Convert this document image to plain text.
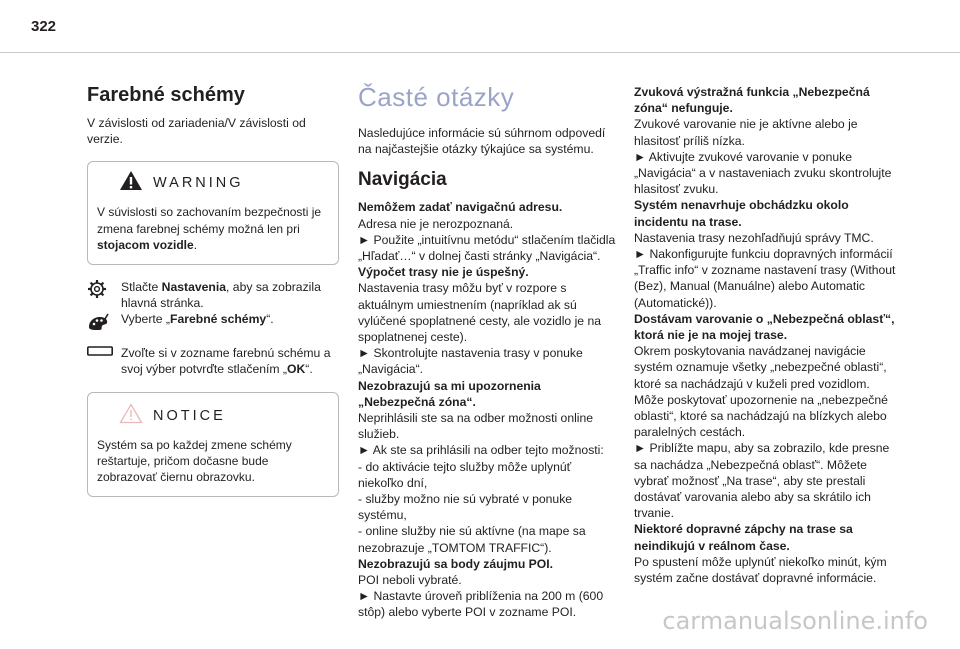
322
Farebné schémy
V závislosti od zariadenia/V závislosti od verzie.
WARNING
V súvislosti so zachovaním bezpečnosti je zmena farebnej schémy možná len pri stojacom vozidle.
Stlačte Nastavenia, aby sa zobrazila hlavná stránka.
Vyberte „Farebné schémy“.
Zvoľte si v zozname farebnú schému a svoj výber potvrďte stlačením „OK“.
NOTICE
Systém sa po každej zmene schémy reštartuje, pričom dočasne bude zobrazovať čiernu obrazovku.
Časté otázky
Nasledujúce informácie sú súhrnom odpovedí na najčastejšie otázky týkajúce sa systému.
Navigácia
Nemôžem zadať navigačnú adresu.
Adresa nie je nerozpoznaná.
► Použite „intuitívnu metódu“ stlačením tlačidla „Hľadať…“ v dolnej časti stránky „Navigácia“.
Výpočet trasy nie je úspešný.
Nastavenia trasy môžu byť v rozpore s aktuálnym umiestnením (napríklad ak sú vylúčené spoplatnené cesty, ale vozidlo je na spoplatnenej ceste).
► Skontrolujte nastavenia trasy v ponuke „Navigácia“.
Nezobrazujú sa mi upozornenia „Nebezpečná zóna“.
Neprihlásili ste sa na odber možnosti online služieb.
► Ak ste sa prihlásili na odber tejto možnosti:
- do aktivácie tejto služby môže uplynúť niekoľko dní,
- služby možno nie sú vybraté v ponuke systému,
- online služby nie sú aktívne (na mape sa nezobrazuje „TOMTOM TRAFFIC“).
Nezobrazujú sa body záujmu POI.
POI neboli vybraté.
► Nastavte úroveň priblíženia na 200 m (600 stôp) alebo vyberte POI v zozname POI.
Zvuková výstražná funkcia „Nebezpečná zóna“ nefunguje.
Zvukové varovanie nie je aktívne alebo je hlasitosť príliš nízka.
► Aktivujte zvukové varovanie v ponuke „Navigácia“ a v nastaveniach zvuku skontrolujte hlasitosť zvuku.
Systém nenavrhuje obchádzku okolo incidentu na trase.
Nastavenia trasy nezohľadňujú správy TMC.
► Nakonfigurujte funkciu dopravných informácií „Traffic info“ v zozname nastavení trasy (Without (Bez), Manual (Manuálne) alebo Automatic (Automatické)).
Dostávam varovanie o „Nebezpečná oblasť“, ktorá nie je na mojej trase.
Okrem poskytovania navádzanej navigácie systém oznamuje všetky „nebezpečné oblasti“, ktoré sa nachádzajú v kuželi pred vozidlom. Môže poskytovať upozornenie na „nebezpečné oblasti“, ktoré sa nachádzajú na blízkych alebo paralelných cestách.
► Priblížte mapu, aby sa zobrazilo, kde presne sa nachádza „Nebezpečná oblasť“. Môžete vybrať možnosť „Na trase“, aby ste prestali dostávať varovania alebo aby sa skrátilo ich trvanie.
Niektoré dopravné zápchy na trase sa neindikujú v reálnom čase.
Po spustení môže uplynúť niekoľko minút, kým systém začne dostávať dopravné informácie.
carmanualsonline.info
